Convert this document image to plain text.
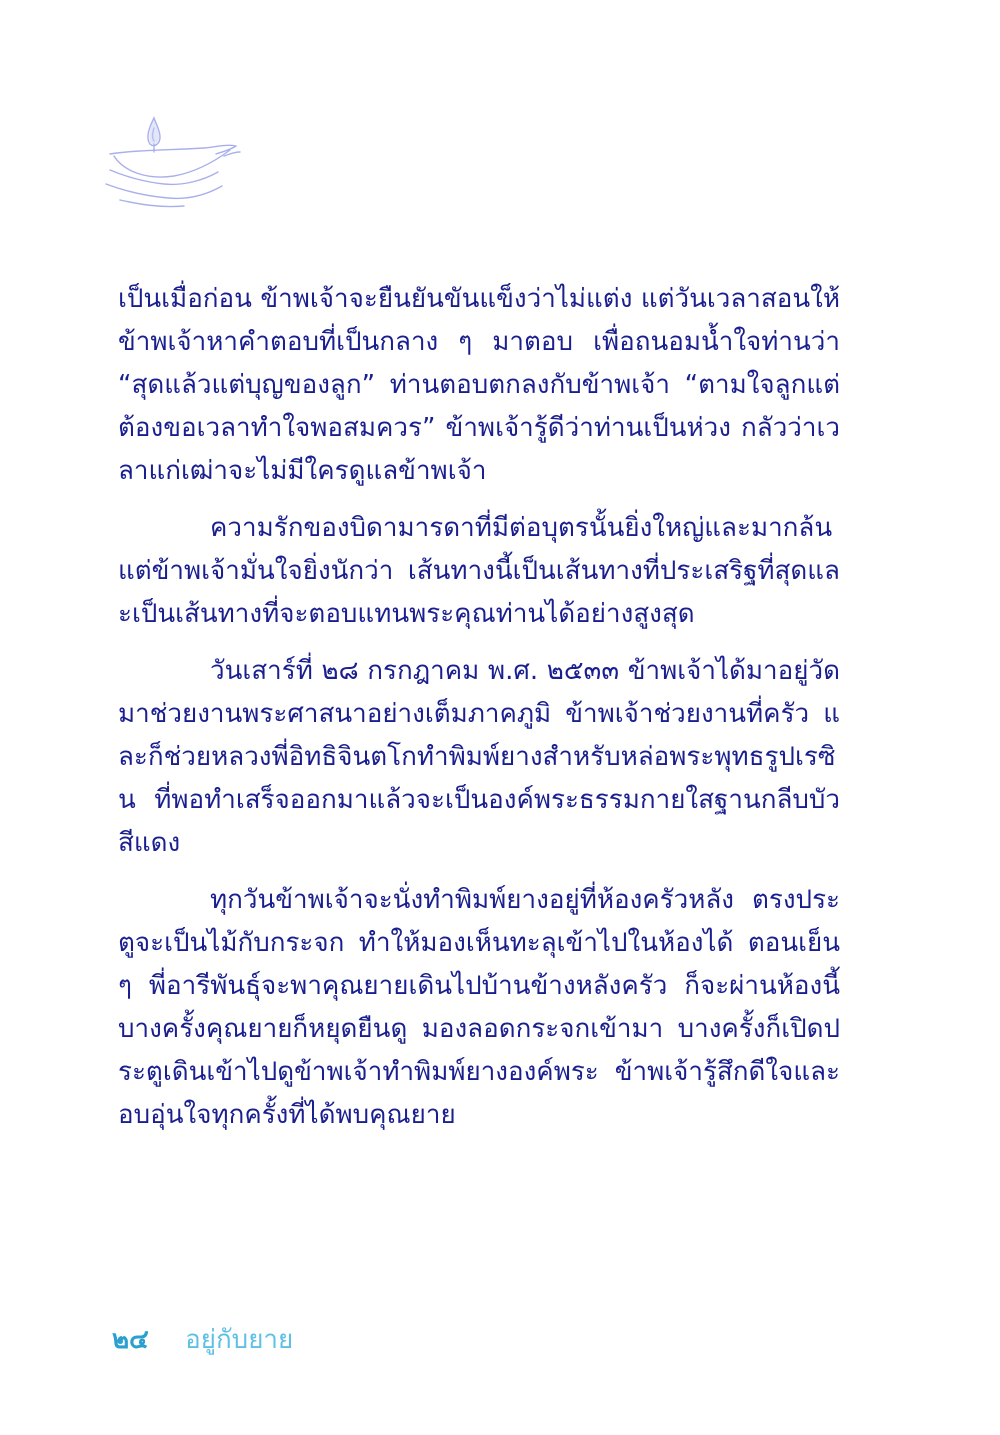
เป็นเมื่อก่อน ข้าพเจ้าจะยืนยันขันแข็งว่าไม่แต่ง แต่วันเวลาสอนให้ข้าพเจ้าหาคำตอบที่เป็นกลาง ๆ มาตอบ เพื่อถนอมน้ำใจท่านว่า “สุดแล้วแต่บุญของลูก” ท่านตอบตกลงกับข้าพเจ้า “ตามใจลูกแต่ต้องขอเวลาทำใจพอสมควร” ข้าพเจ้ารู้ดีว่าท่านเป็นห่วง กลัวว่าเวลาแก่เฒ่าจะไม่มีใครดูแลข้าพเจ้า

ความรักของบิดามารดาที่มีต่อบุตรนั้นยิ่งใหญ่และมากล้นแต่ข้าพเจ้ามั่นใจยิ่งนักว่า เส้นทางนี้เป็นเส้นทางที่ประเสริฐที่สุดและเป็นเส้นทางที่จะตอบแทนพระคุณท่านได้อย่างสูงสุด

วันเสาร์ที่ ๒๘ กรกฎาคม พ.ศ. ๒๕๓๓ ข้าพเจ้าได้มาอยู่วัด มาช่วยงานพระศาสนาอย่างเต็มภาคภูมิ ข้าพเจ้าช่วยงานที่ครัว และก็ช่วยหลวงพี่อิทธิจินตโกทำพิมพ์ยางสำหรับหล่อพระพุทธรูปเรซิน ที่พอทำเสร็จออกมาแล้วจะเป็นองค์พระธรรมกายใสฐานกลีบบัวสีแดง

ทุกวันข้าพเจ้าจะนั่งทำพิมพ์ยางอยู่ที่ห้องครัวหลัง ตรงประตูจะเป็นไม้กับกระจก ทำให้มองเห็นทะลุเข้าไปในห้องได้ ตอนเย็น ๆ พี่อารีพันธุ์จะพาคุณยายเดินไปบ้านข้างหลังครัว ก็จะผ่านห้องนี้ บางครั้งคุณยายก็หยุดยืนดู มองลอดกระจกเข้ามา บางครั้งก็เปิดประตูเดินเข้าไปดูข้าพเจ้าทำพิมพ์ยางองค์พระ ข้าพเจ้ารู้สึกดีใจและอบอุ่นใจทุกครั้งที่ได้พบคุณยาย

๒๔ อยู่กับยาย
